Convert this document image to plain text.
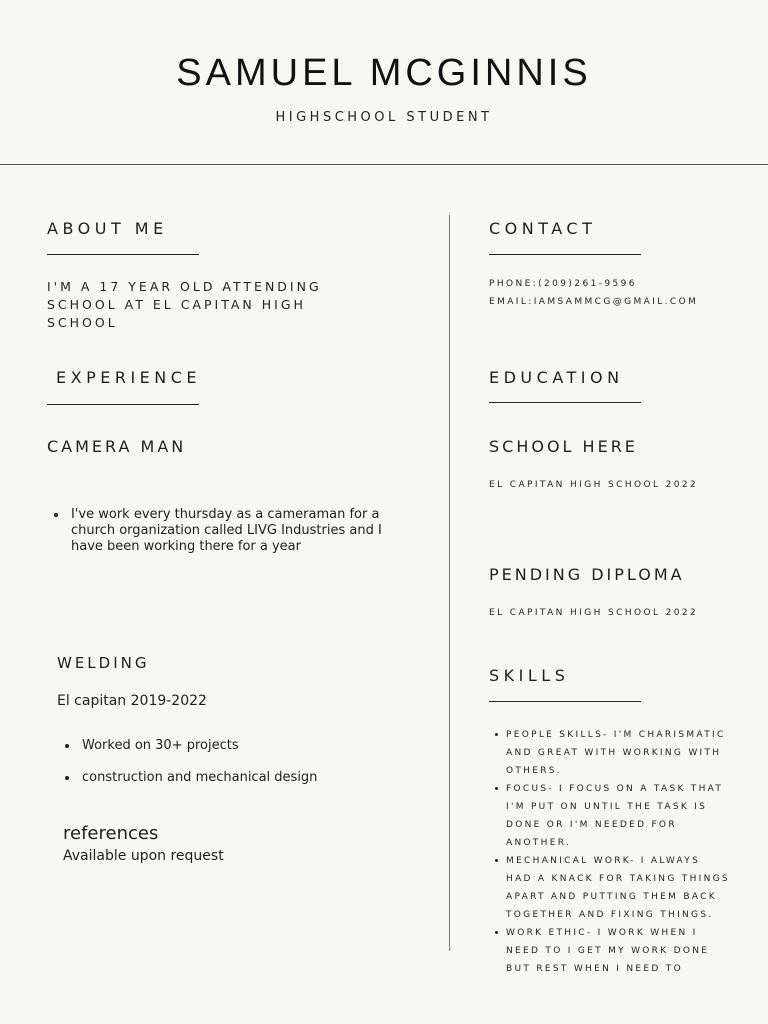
SAMUEL MCGINNIS
HIGHSCHOOL STUDENT
ABOUT ME
I'M A 17 YEAR OLD ATTENDING SCHOOL AT EL CAPITAN HIGH SCHOOL
EXPERIENCE
CAMERA MAN
I've work every thursday as a cameraman for a church organization called LIVG Industries and I have been working there for a year
WELDING
El capitan 2019-2022
Worked on 30+ projects
construction and mechanical design
references
Available upon request
CONTACT
PHONE:(209)261-9596
EMAIL:IAMSAMMCG@GMAIL.COM
EDUCATION
SCHOOL HERE
EL CAPITAN HIGH SCHOOL 2022
PENDING DIPLOMA
EL CAPITAN HIGH SCHOOL 2022
SKILLS
PEOPLE SKILLS- I'M CHARISMATIC AND GREAT WITH WORKING WITH OTHERS.
FOCUS- I FOCUS ON A TASK THAT I'M PUT ON UNTIL THE TASK IS DONE OR I'M NEEDED FOR ANOTHER.
MECHANICAL WORK- I ALWAYS HAD A KNACK FOR TAKING THINGS APART AND PUTTING THEM BACK TOGETHER AND FIXING THINGS.
WORK ETHIC- I WORK WHEN I NEED TO I GET MY WORK DONE BUT REST WHEN I NEED TO
